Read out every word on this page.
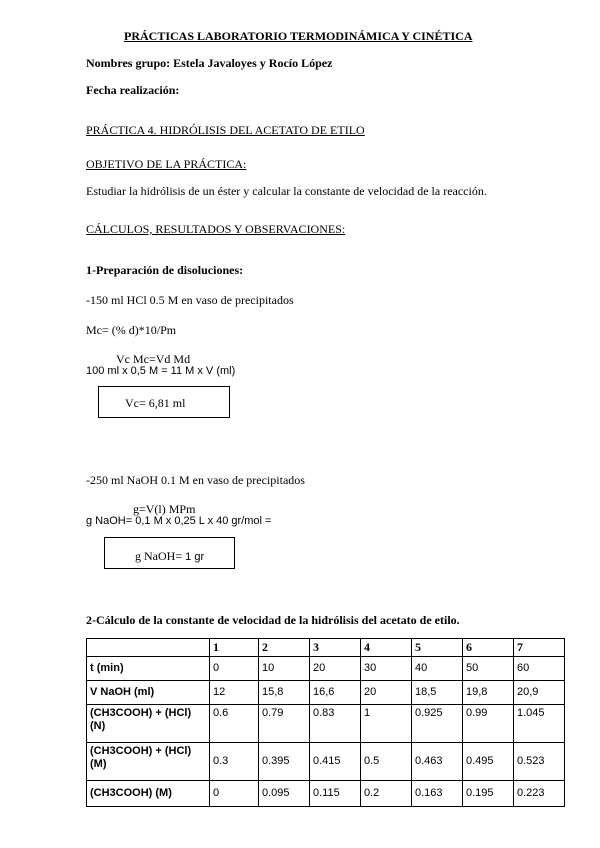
PRÁCTICAS LABORATORIO TERMODINÁMICA Y CINÉTICA
Nombres grupo: Estela Javaloyes y Rocío López
Fecha realización:
PRÁCTICA 4. HIDRÓLISIS DEL ACETATO DE ETILO
OBJETIVO DE LA PRÁCTICA:
Estudiar la hidrólisis de un éster y calcular la constante de velocidad de la reacción.
CÁLCULOS, RESULTADOS Y OBSERVACIONES:
1-Preparación de disoluciones:
-150 ml HCl 0.5 M en vaso de precipitados
Mc= (% d)*10/Pm
Vc Mc=Vd Md
100 ml x 0,5 M = 11 M x V (ml)
Vc= 6,81 ml
-250 ml NaOH 0.1 M en vaso de precipitados
g=V(l) MPm
g NaOH= 0,1 M x 0,25 L x 40 gr/mol =
g NaOH= 1 gr
2-Cálculo de la constante de velocidad de la hidrólisis del acetato de etilo.
	1	2	3	4	5	6	7
t (min)	0	10	20	30	40	50	60
V NaOH (ml)	12	15,8	16,6	20	18,5	19,8	20,9
(CH3COOH) + (HCl) (N)	0.6	0.79	0.83	1	0.925	0.99	1.045
(CH3COOH) + (HCl) (M)	0.3	0.395	0.415	0.5	0.463	0.495	0.523
(CH3COOH) (M)	0	0.095	0.115	0.2	0.163	0.195	0.223
